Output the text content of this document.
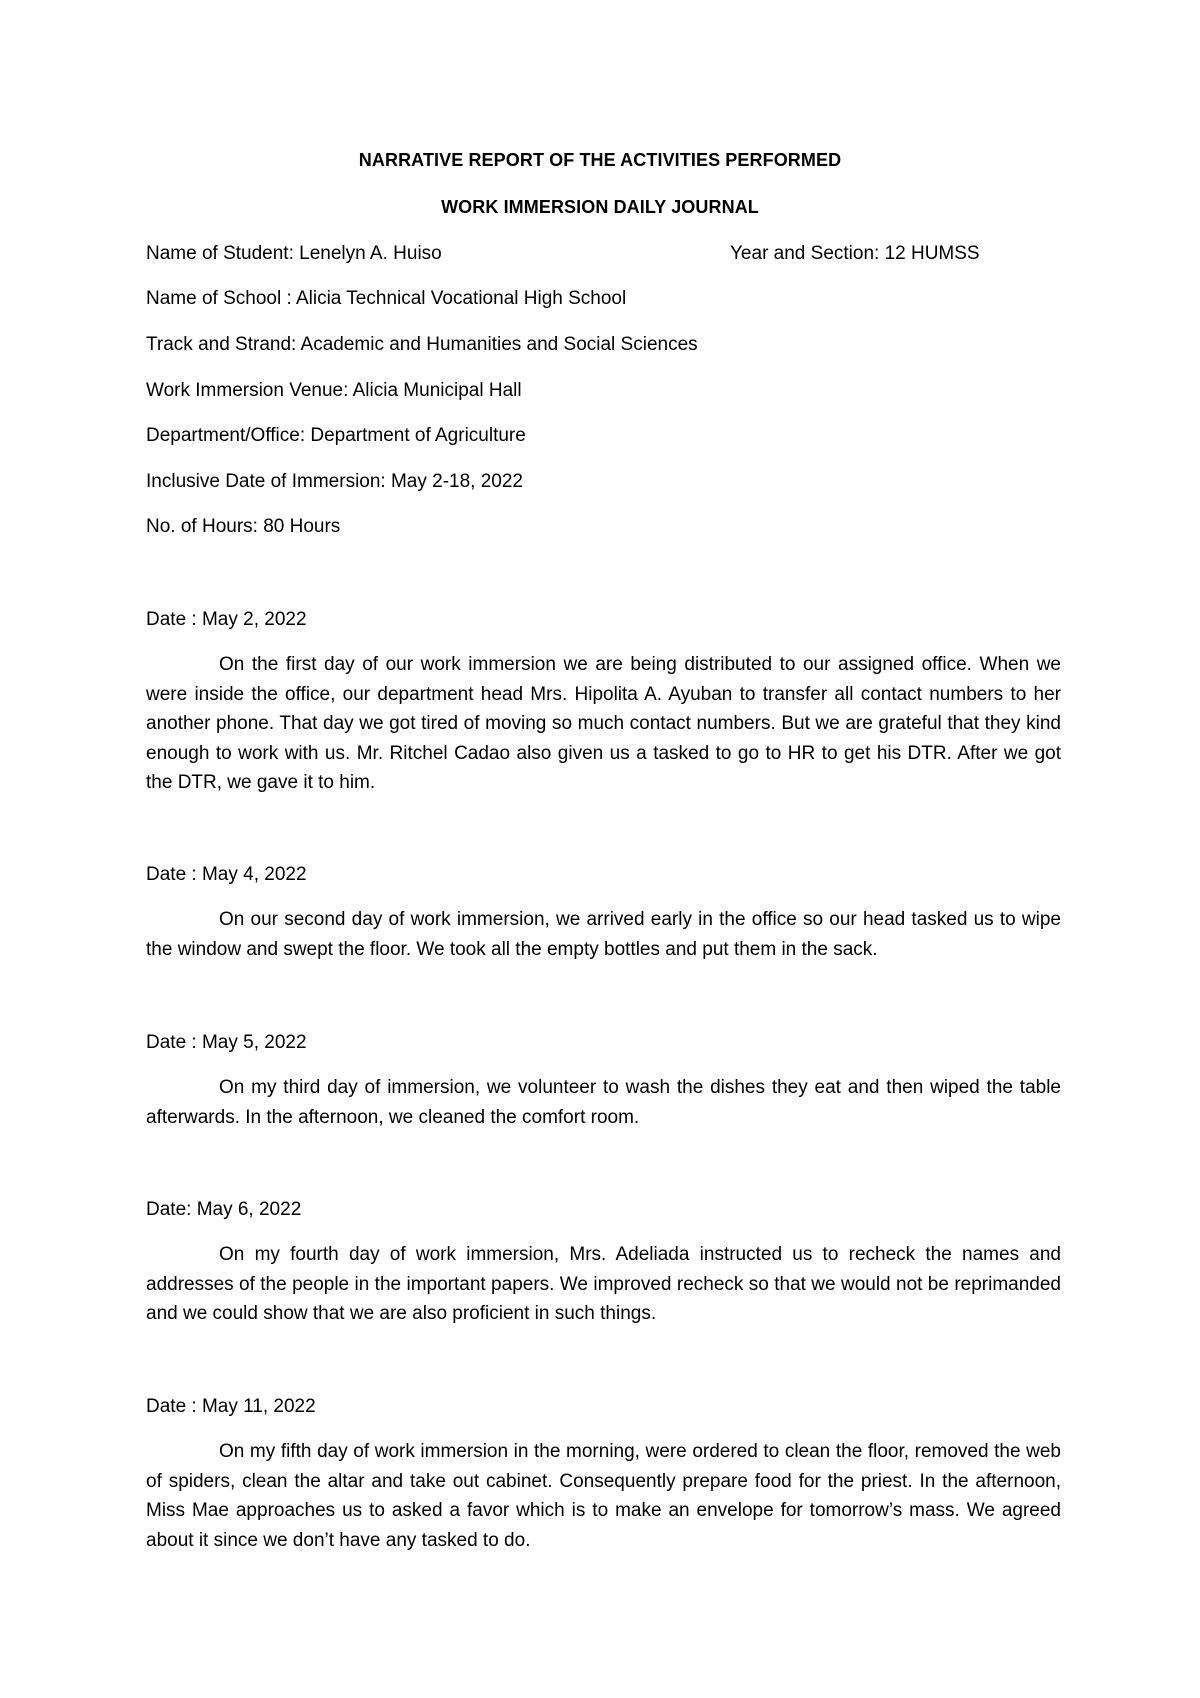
NARRATIVE REPORT OF THE ACTIVITIES PERFORMED
WORK IMMERSION DAILY JOURNAL
Name of Student: Lenelyn A. Huiso	Year and Section: 12 HUMSS
Name of School : Alicia Technical Vocational High School
Track and Strand: Academic and Humanities and Social Sciences
Work Immersion Venue: Alicia Municipal Hall
Department/Office: Department of Agriculture
Inclusive Date of Immersion: May 2-18, 2022
No. of Hours: 80 Hours
Date : May 2, 2022

On the first day of our work immersion we are being distributed to our assigned office. When we were inside the office, our department head Mrs. Hipolita A. Ayuban to transfer all contact numbers to her another phone. That day we got tired of moving so much contact numbers. But we are grateful that they kind enough to work with us. Mr. Ritchel Cadao also given us a tasked to go to HR to get his DTR. After we got the DTR, we gave it to him.

Date : May 4, 2022

On our second day of work immersion, we arrived early in the office so our head tasked us to wipe the window and swept the floor. We took all the empty bottles and put them in the sack.

Date : May 5, 2022

On my third day of immersion, we volunteer to wash the dishes they eat and then wiped the table afterwards. In the afternoon, we cleaned the comfort room.

Date: May 6, 2022

On my fourth day of work immersion, Mrs. Adeliada instructed us to recheck the names and addresses of the people in the important papers. We improved recheck so that we would not be reprimanded and we could show that we are also proficient in such things.

Date : May 11, 2022

On my fifth day of work immersion in the morning, were ordered to clean the floor, removed the web of spiders, clean the altar and take out cabinet. Consequently prepare food for the priest. In the afternoon, Miss Mae approaches us to asked a favor which is to make an envelope for tomorrow’s mass. We agreed about it since we don’t have any tasked to do.
